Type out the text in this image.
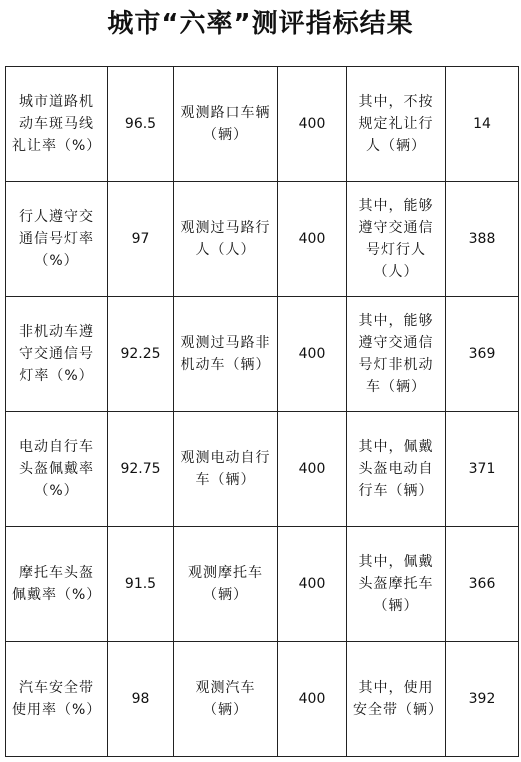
城市“六率”测评指标结果
城市道路机动车斑马线礼让率（%）	96.5	观测路口车辆（辆）	400	其中，不按规定礼让行人（辆）	14
行人遵守交通信号灯率（%）	97	观测过马路行人（人）	400	其中，能够遵守交通信号灯行人（人）	388
非机动车遵守交通信号灯率（%）	92.25	观测过马路非机动车（辆）	400	其中，能够遵守交通信号灯非机动车（辆）	369
电动自行车头盔佩戴率（%）	92.75	观测电动自行车（辆）	400	其中，佩戴头盔电动自行车（辆）	371
摩托车头盔佩戴率（%）	91.5	观测摩托车（辆）	400	其中，佩戴头盔摩托车（辆）	366
汽车安全带使用率（%）	98	观测汽车（辆）	400	其中，使用安全带（辆）	392
